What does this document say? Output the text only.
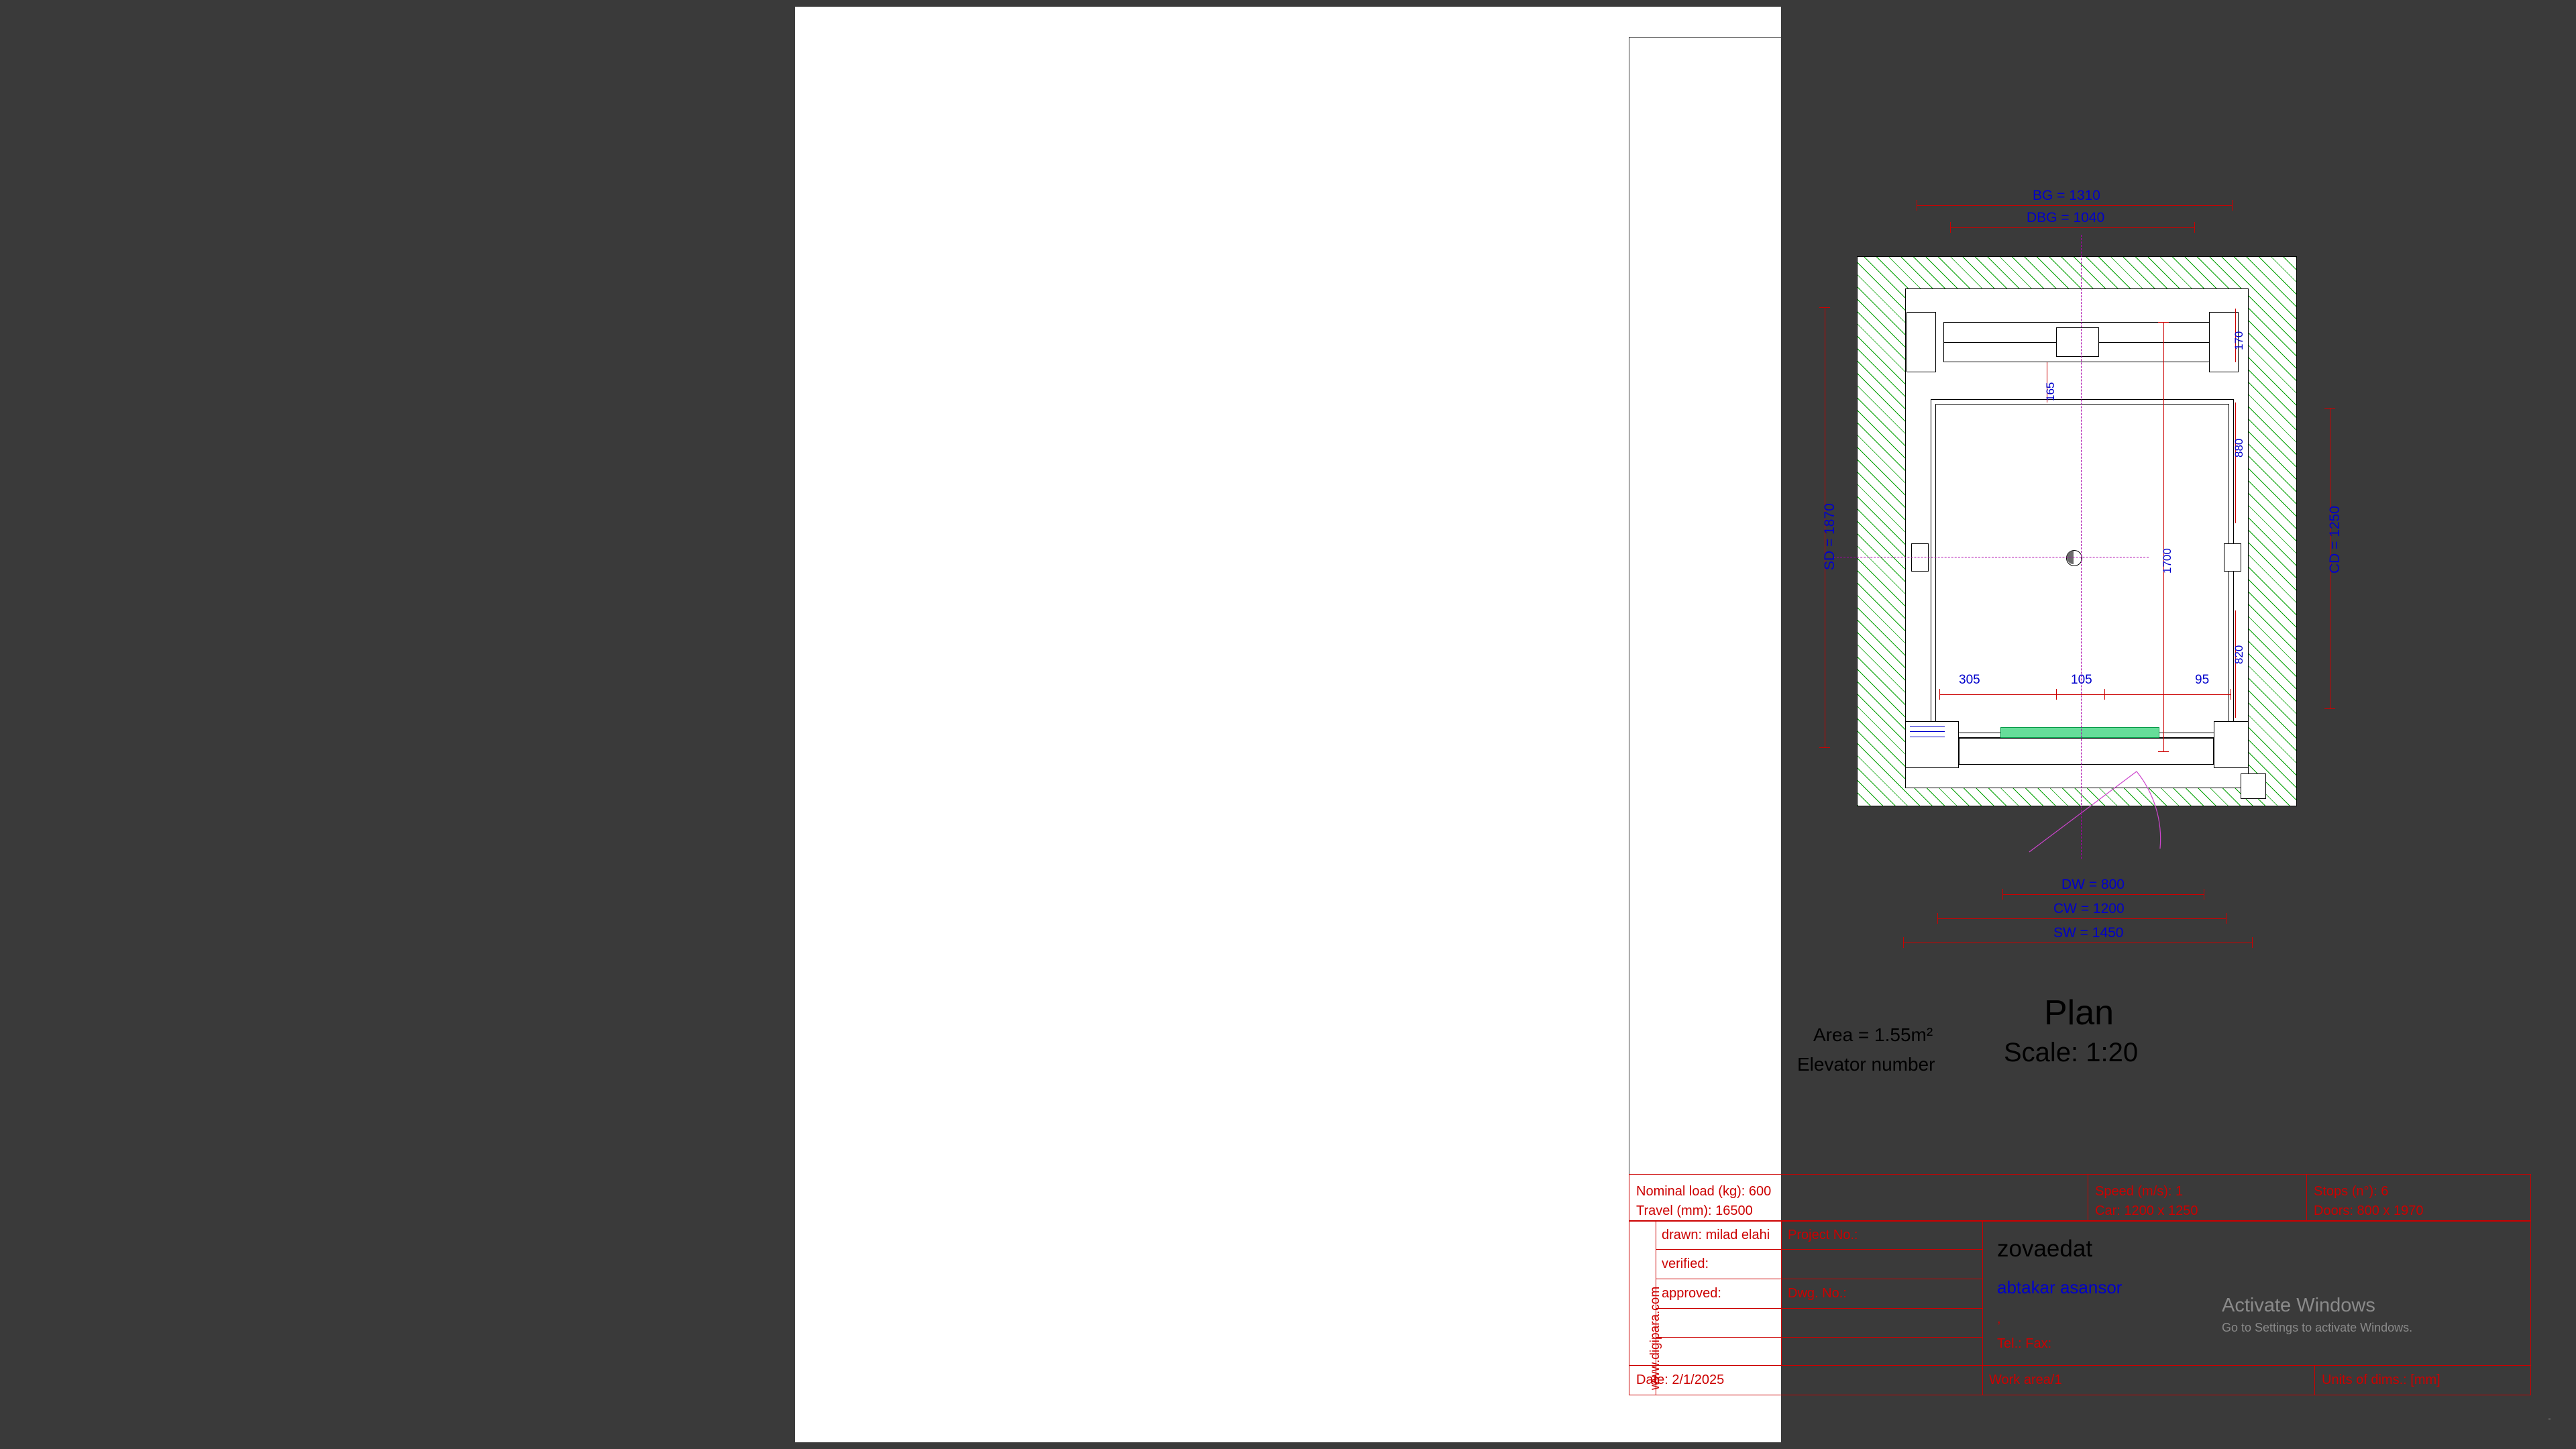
BG = 1310
DBG = 1040
SD = 1870	CD = 1250
170
165
880
1700
820
305	105	95
DW = 800
CW = 1200
SW = 1450
Plan
Scale: 1:20
Area = 1.55m²
Elevator number
Nominal load (kg): 600
Travel (mm): 16500
Speed (m/s): 1
Car: 1200 x 1250
Stops (n°): 6
Doors: 800 x 1970
drawn: milad elahi
verified:
approved:
Project No.:
Dwg. No.:
zovaedat
abtakar asansor
,
Tel.: Fax:
Date: 2/1/2025	Work area/1	Units of dims.: [mm]
www.digipara.com	Activate Windows
Go to Settings to activate Windows.
